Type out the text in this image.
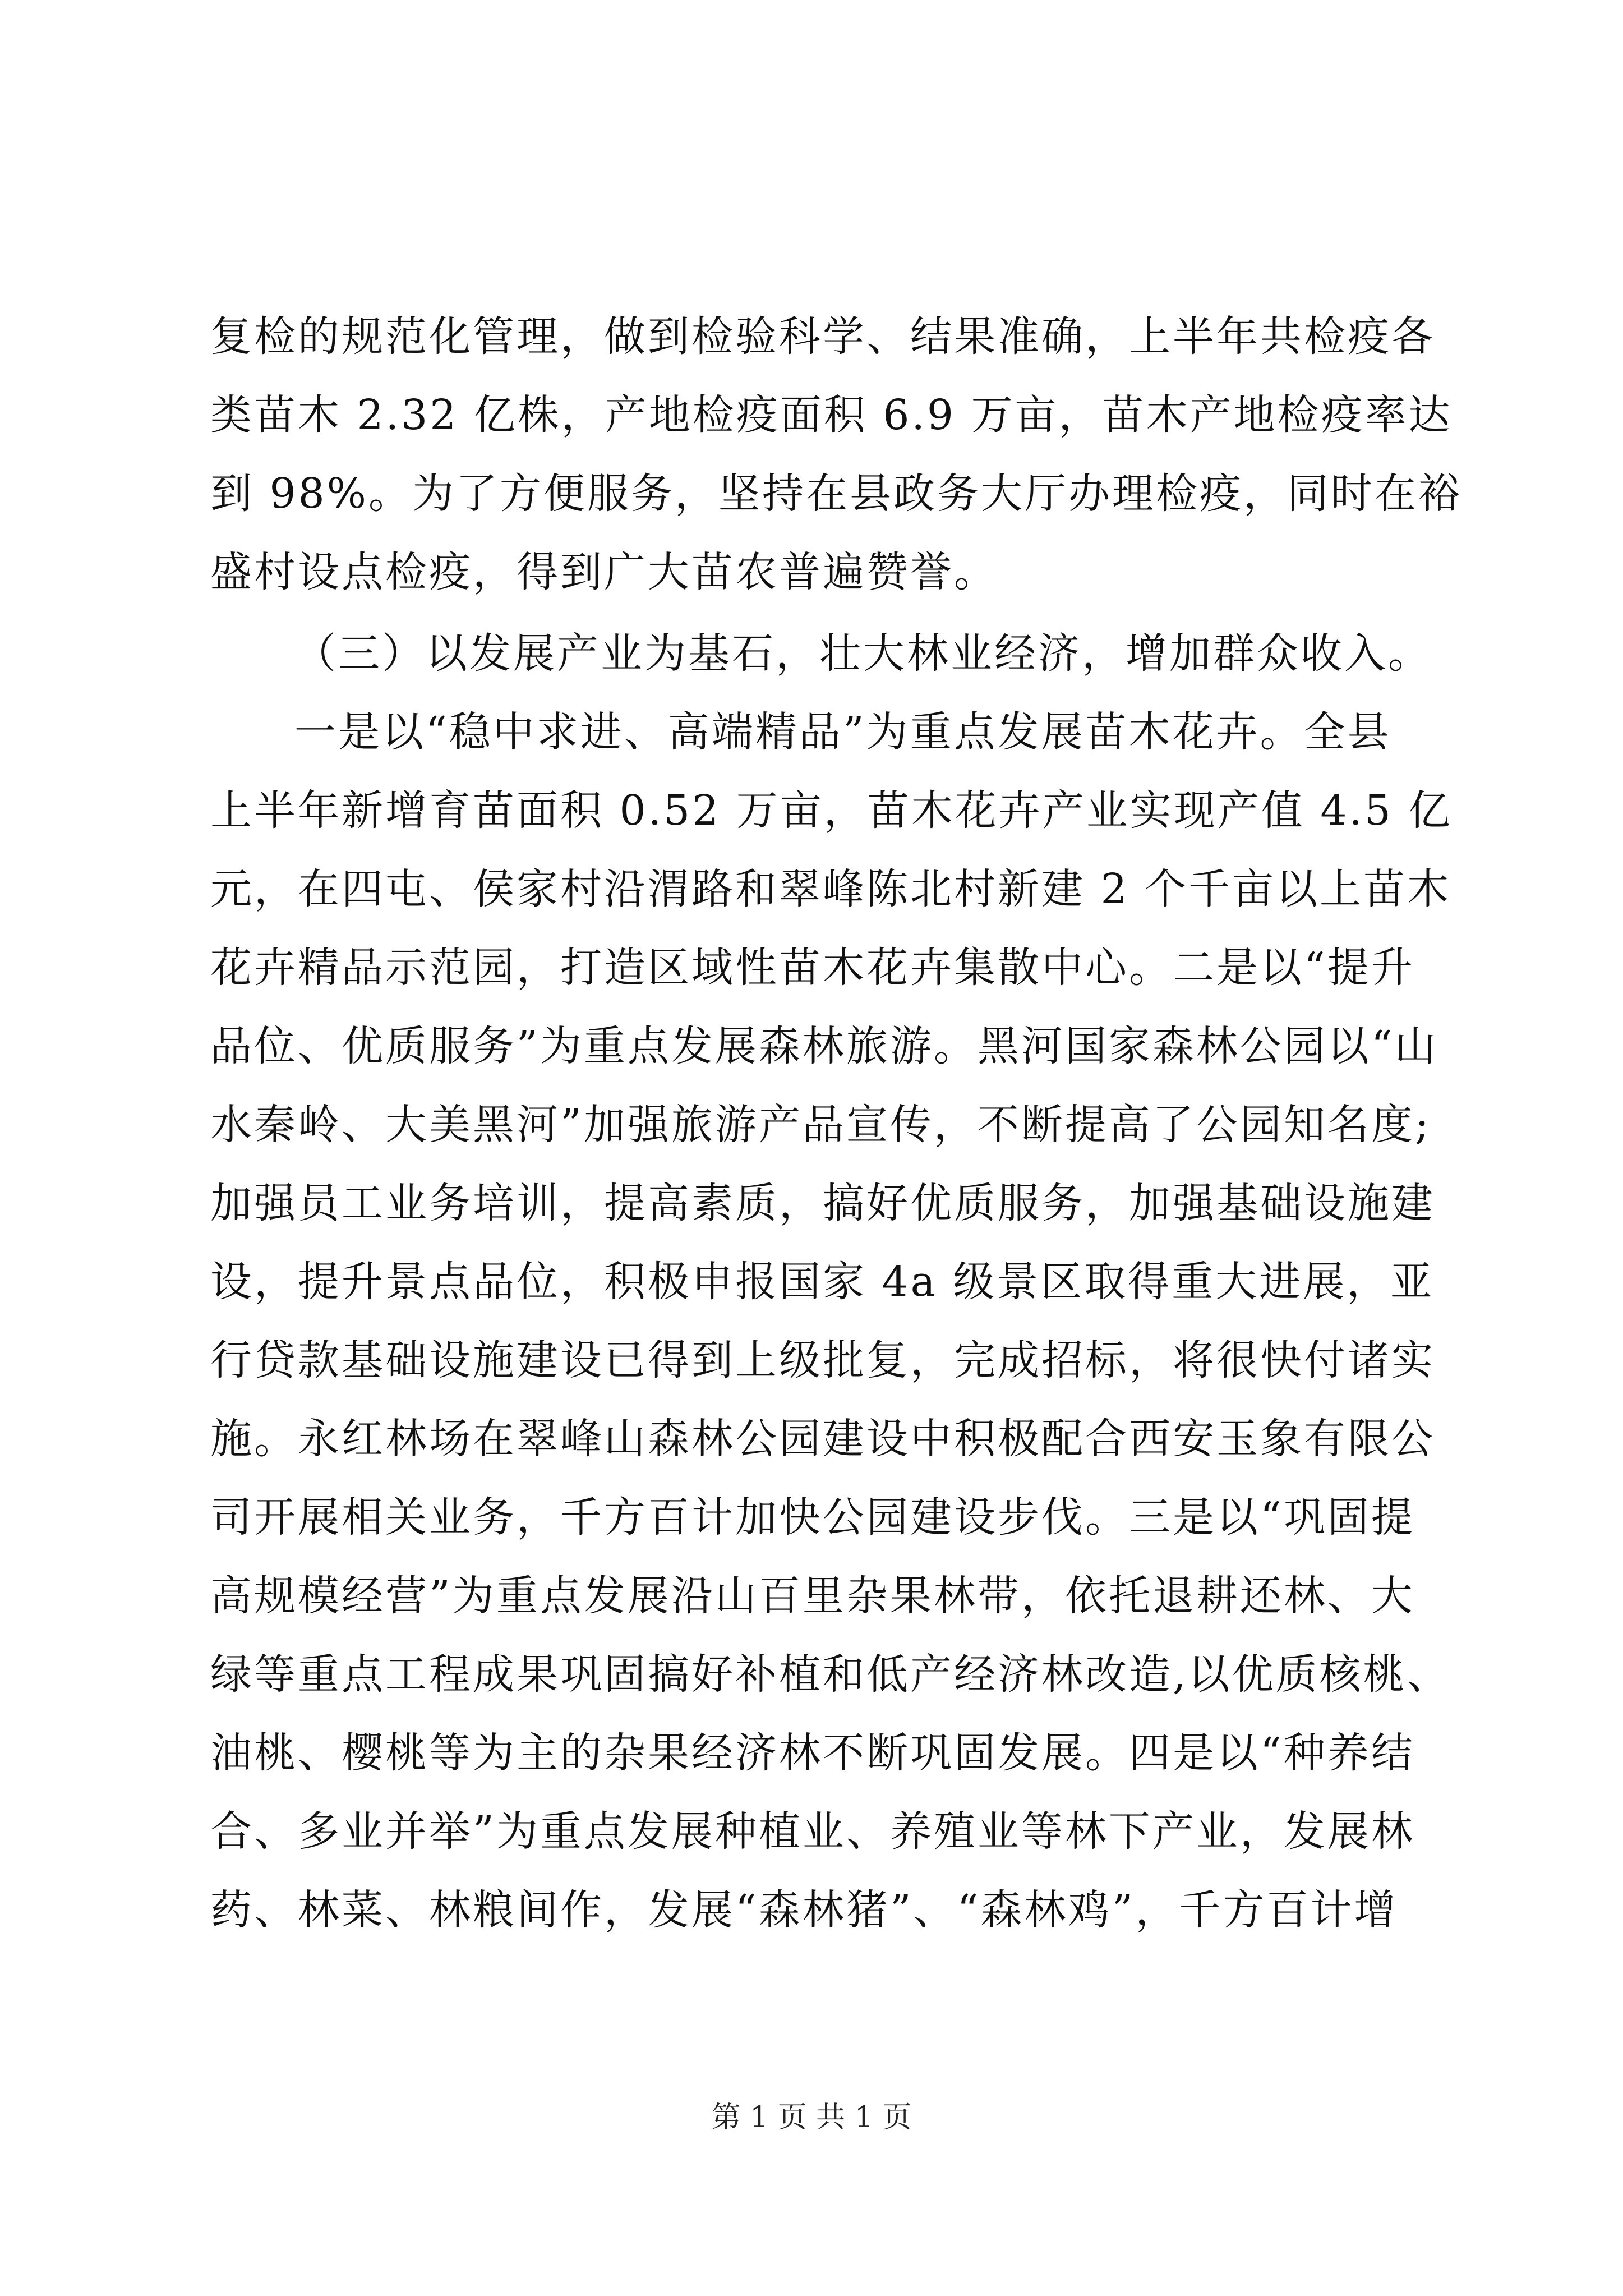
复检的规范化管理，做到检验科学、结果准确，上半年共检疫各
类苗木 2.32 亿株，产地检疫面积 6.9 万亩，苗木产地检疫率达
到 98%。为了方便服务，坚持在县政务大厅办理检疫，同时在裕
盛村设点检疫，得到广大苗农普遍赞誉。
（三）以发展产业为基石，壮大林业经济，增加群众收入。
一是以“稳中求进、高端精品”为重点发展苗木花卉。全县
上半年新增育苗面积 0.52 万亩，苗木花卉产业实现产值 4.5 亿
元，在四屯、侯家村沿渭路和翠峰陈北村新建 2 个千亩以上苗木
花卉精品示范园，打造区域性苗木花卉集散中心。二是以“提升
品位、优质服务”为重点发展森林旅游。黑河国家森林公园以“山
水秦岭、大美黑河”加强旅游产品宣传，不断提高了公园知名度;
加强员工业务培训，提高素质，搞好优质服务，加强基础设施建
设，提升景点品位，积极申报国家 4a 级景区取得重大进展，亚
行贷款基础设施建设已得到上级批复，完成招标，将很快付诸实
施。永红林场在翠峰山森林公园建设中积极配合西安玉象有限公
司开展相关业务，千方百计加快公园建设步伐。三是以“巩固提
高规模经营”为重点发展沿山百里杂果林带，依托退耕还林、大
绿等重点工程成果巩固搞好补植和低产经济林改造,以优质核桃、
油桃、樱桃等为主的杂果经济林不断巩固发展。四是以“种养结
合、多业并举”为重点发展种植业、养殖业等林下产业，发展林
药、林菜、林粮间作，发展“森林猪”、“森林鸡”，千方百计增
第 1 页 共 1 页
